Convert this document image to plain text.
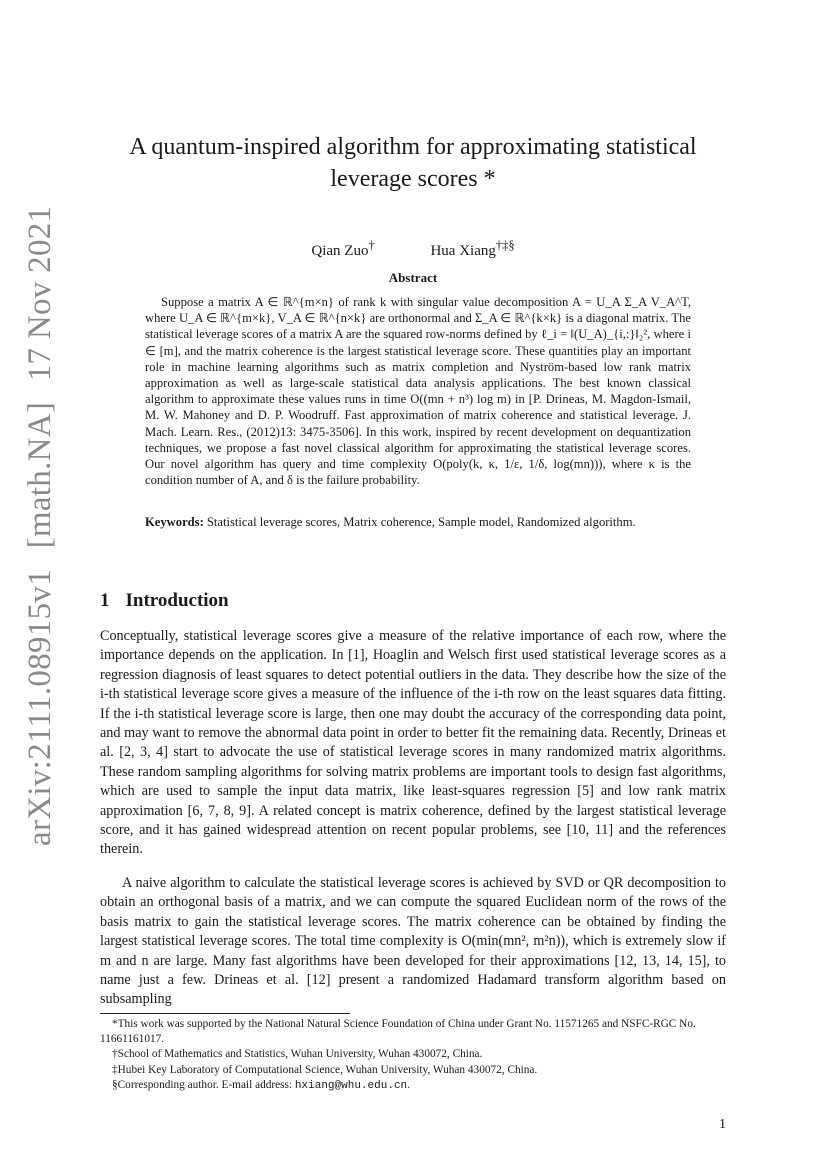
arXiv:2111.08915v1 [math.NA] 17 Nov 2021
A quantum-inspired algorithm for approximating statistical
leverage scores *
Qian Zuo†	Hua Xiang†‡§
Abstract

Suppose a matrix A ∈ ℝ^{m×n} of rank k with singular value decomposition A = U_A Σ_A V_A^T, where U_A ∈ ℝ^{m×k}, V_A ∈ ℝ^{n×k} are orthonormal and Σ_A ∈ ℝ^{k×k} is a diagonal matrix. The statistical leverage scores of a matrix A are the squared row-norms defined by ℓ_i = ‖(U_A)_{i,:}‖₂², where i ∈ [m], and the matrix coherence is the largest statistical leverage score. These quantities play an important role in machine learning algorithms such as matrix completion and Nyström-based low rank matrix approximation as well as large-scale statistical data analysis applications. The best known classical algorithm to approximate these values runs in time O((mn + n³) log m) in [P. Drineas, M. Magdon-Ismail, M. W. Mahoney and D. P. Woodruff. Fast approximation of matrix coherence and statistical leverage. J. Mach. Learn. Res., (2012)13: 3475-3506]. In this work, inspired by recent development on dequantization techniques, we propose a fast novel classical algorithm for approximating the statistical leverage scores. Our novel algorithm has query and time complexity O(poly(k, κ, 1/ε, 1/δ, log(mn))), where κ is the condition number of A, and δ is the failure probability.

Keywords: Statistical leverage scores, Matrix coherence, Sample model, Randomized algorithm.

1 Introduction

Conceptually, statistical leverage scores give a measure of the relative importance of each row, where the importance depends on the application. In [1], Hoaglin and Welsch first used statistical leverage scores as a regression diagnosis of least squares to detect potential outliers in the data. They describe how the size of the i-th statistical leverage score gives a measure of the influence of the i-th row on the least squares data fitting. If the i-th statistical leverage score is large, then one may doubt the accuracy of the corresponding data point, and may want to remove the abnormal data point in order to better fit the remaining data. Recently, Drineas et al. [2, 3, 4] start to advocate the use of statistical leverage scores in many randomized matrix algorithms. These random sampling algorithms for solving matrix problems are important tools to design fast algorithms, which are used to sample the input data matrix, like least-squares regression [5] and low rank matrix approximation [6, 7, 8, 9]. A related concept is matrix coherence, defined by the largest statistical leverage score, and it has gained widespread attention on recent popular problems, see [10, 11] and the references therein.

A naive algorithm to calculate the statistical leverage scores is achieved by SVD or QR decomposition to obtain an orthogonal basis of a matrix, and we can compute the squared Euclidean norm of the rows of the basis matrix to gain the statistical leverage scores. The matrix coherence can be obtained by finding the largest statistical leverage scores. The total time complexity is O(min(mn², m²n)), which is extremely slow if m and n are large. Many fast algorithms have been developed for their approximations [12, 13, 14, 15], to name just a few. Drineas et al. [12] present a randomized Hadamard transform algorithm based on subsampling

*This work was supported by the National Natural Science Foundation of China under Grant No. 11571265 and NSFC-RGC No. 11661161017.
†School of Mathematics and Statistics, Wuhan University, Wuhan 430072, China.
‡Hubei Key Laboratory of Computational Science, Wuhan University, Wuhan 430072, China.
§Corresponding author. E-mail address: hxiang@whu.edu.cn.
1
